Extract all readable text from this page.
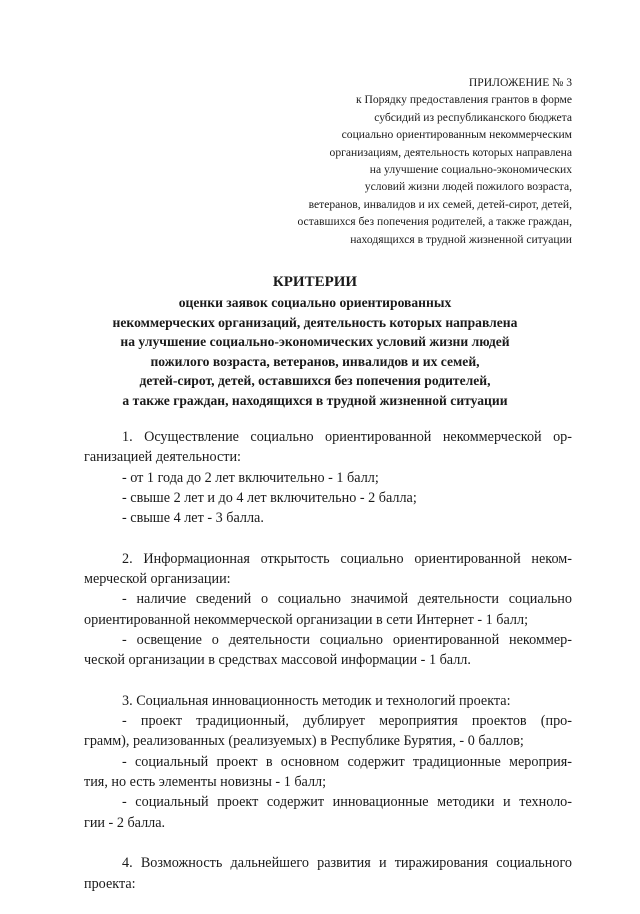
ПРИЛОЖЕНИЕ № 3
к Порядку предоставления грантов в форме
субсидий из республиканского бюджета
социально ориентированным некоммерческим
организациям, деятельность которых направлена
на улучшение социально-экономических
условий жизни людей пожилого возраста,
ветеранов, инвалидов и их семей, детей-сирот, детей,
оставшихся без попечения родителей, а также граждан,
находящихся в трудной жизненной ситуации
КРИТЕРИИ
оценки заявок социально ориентированных
некоммерческих организаций, деятельность которых направлена
на улучшение социально-экономических условий жизни людей
пожилого возраста, ветеранов, инвалидов и их семей,
детей-сирот, детей, оставшихся без попечения родителей,
а также граждан, находящихся в трудной жизненной ситуации
1. Осуществление социально ориентированной некоммерческой ор-
ганизацией деятельности:
- от 1 года до 2 лет включительно - 1 балл;
- свыше 2 лет и до 4 лет включительно - 2 балла;
- свыше 4 лет - 3 балла.
2. Информационная открытость социально ориентированной неком-
мерческой организации:
- наличие сведений о социально значимой деятельности социально
ориентированной некоммерческой организации в сети Интернет - 1 балл;
- освещение о деятельности социально ориентированной некоммер-
ческой организации в средствах массовой информации - 1 балл.
3. Социальная инновационность методик и технологий проекта:
- проект традиционный, дублирует мероприятия проектов (про-
грамм), реализованных (реализуемых) в Республике Бурятия, - 0 баллов;
- социальный проект в основном содержит традиционные мероприя-
тия, но есть элементы новизны - 1 балл;
- социальный проект содержит инновационные методики и техноло-
гии - 2 балла.
4. Возможность дальнейшего развития и тиражирования социального
проекта:
